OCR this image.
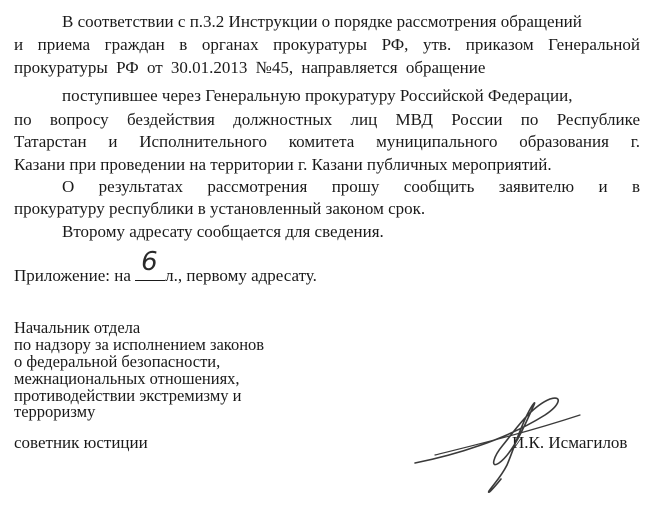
В соответствии с п.3.2 Инструкции о порядке рассмотрения обращений
и приема граждан в органах прокуратуры РФ, утв. приказом Генеральной
прокуратуры РФ от 30.01.2013 №45, направляется обращение
поступившее через Генеральную прокуратуру Российской Федерации,
по вопросу бездействия должностных лиц МВД России по Республике
Татарстан и Исполнительного комитета муниципального образования г.
Казани при проведении на территории г. Казани публичных мероприятий.
О результатах рассмотрения прошу сообщить заявителю и в
прокуратуру республики в установленный законом срок.
Второму адресату сообщается для сведения.
Приложение: на 6 л., первому адресату.
Начальник отдела
по надзору за исполнением законов
о федеральной безопасности,
межнациональных отношениях,
противодействии экстремизму и
терроризму
советник юстиции	И.К. Исмагилов
